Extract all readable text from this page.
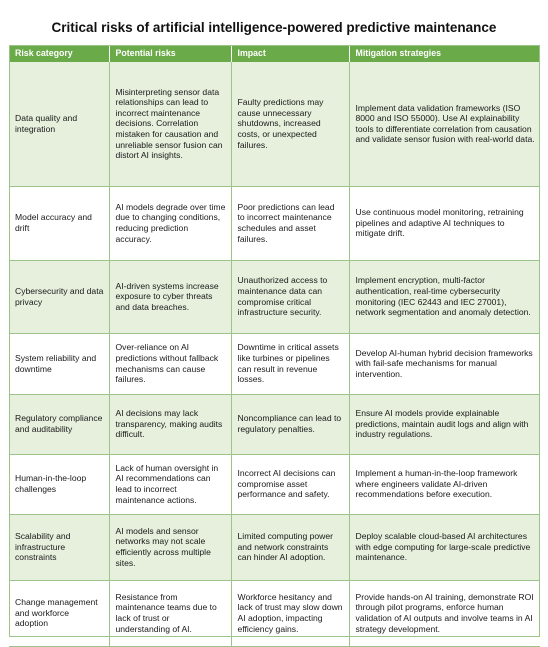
Critical risks of artificial intelligence-powered predictive maintenance
Risk category	Potential risks	Impact	Mitigation strategies
Data quality and integration	Misinterpreting sensor data relationships can lead to incorrect maintenance decisions. Correlation mistaken for causation and unreliable sensor fusion can distort AI insights.	Faulty predictions may cause unnecessary shutdowns, increased costs, or unexpected failures.	Implement data validation frameworks (ISO 8000 and ISO 55000). Use AI explainability tools to differentiate correlation from causation and validate sensor fusion with real-world data.
Model accuracy and drift	AI models degrade over time due to changing conditions, reducing prediction accuracy.	Poor predictions can lead to incorrect maintenance schedules and asset failures.	Use continuous model monitoring, retraining pipelines and adaptive AI techniques to mitigate drift.
Cybersecurity and data privacy	AI-driven systems increase exposure to cyber threats and data breaches.	Unauthorized access to maintenance data can compromise critical infrastructure security.	Implement encryption, multi-factor authentication, real-time cybersecurity monitoring (IEC 62443 and IEC 27001), network segmentation and anomaly detection.
System reliability and downtime	Over-reliance on AI predictions without fallback mechanisms can cause failures.	Downtime in critical assets like turbines or pipelines can result in revenue losses.	Develop AI-human hybrid decision frameworks with fail-safe mechanisms for manual intervention.
Regulatory compliance and auditability	AI decisions may lack transparency, making audits difficult.	Noncompliance can lead to regulatory penalties.	Ensure AI models provide explainable predictions, maintain audit logs and align with industry regulations.
Human-in-the-loop challenges	Lack of human oversight in AI recommendations can lead to incorrect maintenance actions.	Incorrect AI decisions can compromise asset performance and safety.	Implement a human-in-the-loop framework where engineers validate AI-driven recommendations before execution.
Scalability and infrastructure constraints	AI models and sensor networks may not scale efficiently across multiple sites.	Limited computing power and network constraints can hinder AI adoption.	Deploy scalable cloud-based AI architectures with edge computing for large-scale predictive maintenance.
Change management and workforce adoption	Resistance from maintenance teams due to lack of trust or understanding of AI.	Workforce hesitancy and lack of trust may slow down AI adoption, impacting efficiency gains.	Provide hands-on AI training, demonstrate ROI through pilot programs, enforce human validation of AI outputs and involve teams in AI strategy development.
